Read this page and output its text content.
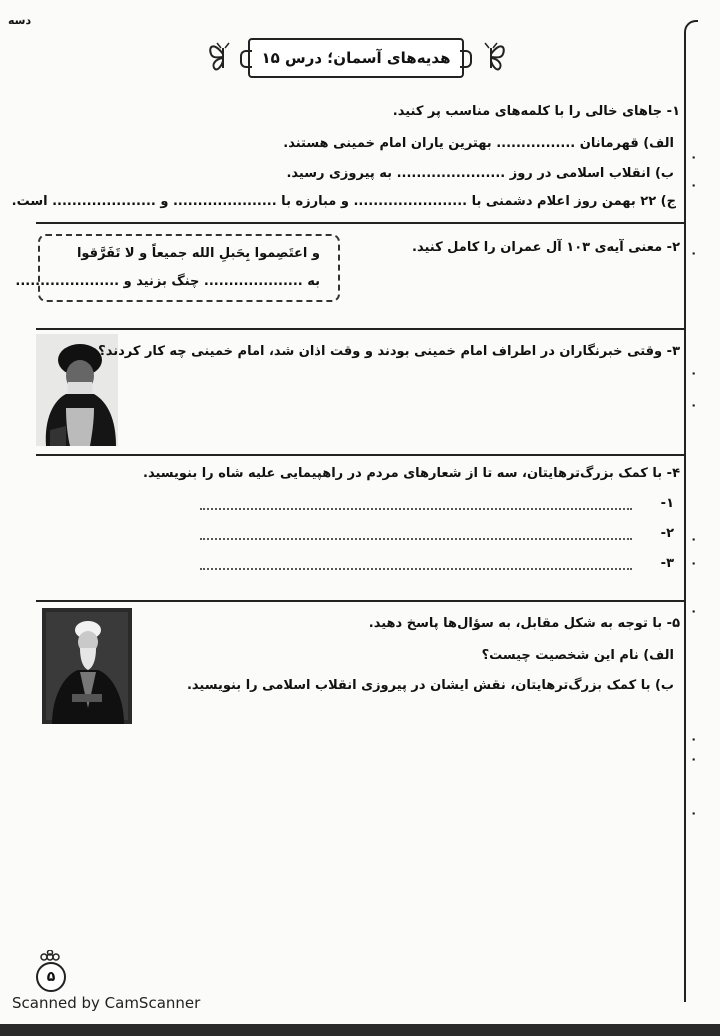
دسه
٠
٠
٠
٠
٠
٠
٠
٠
٠
٠
٠
هدیه‌های آسمان؛ درس ۱۵
۱- جاهای خالی را با کلمه‌های مناسب پر کنید.
الف) قهرمانان ................ بهترین یاران امام خمینی هستند.
ب) انقلاب اسلامی در روز ...................... به پیروزی رسید.
ج) ۲۲ بهمن روز اعلام دشمنی با ....................... و مبارزه با ..................... و ..................... است.
۲- معنی آیه‌ی ۱۰۳ آل عمران را کامل کنید.
و اعتَصِموا بِحَبلِ الله جمیعاً و لا تَفَرَّقوا
به .................... چنگ بزنید و .....................
۳- وقتی خبرنگاران در اطراف امام خمینی بودند و وقت اذان شد، امام خمینی چه کار کردند؟
۴- با کمک بزرگ‌ترهایتان، سه تا از شعارهای مردم در راهپیمایی علیه شاه را بنویسید.
۱-
۲-
۳-
۵- با توجه به شکل مقابل، به سؤال‌ها پاسخ دهید.
الف) نام این شخصیت چیست؟
ب) با کمک بزرگ‌ترهایتان، نقش ایشان در پیروزی انقلاب اسلامی را بنویسید.
۵
Scanned by CamScanner
